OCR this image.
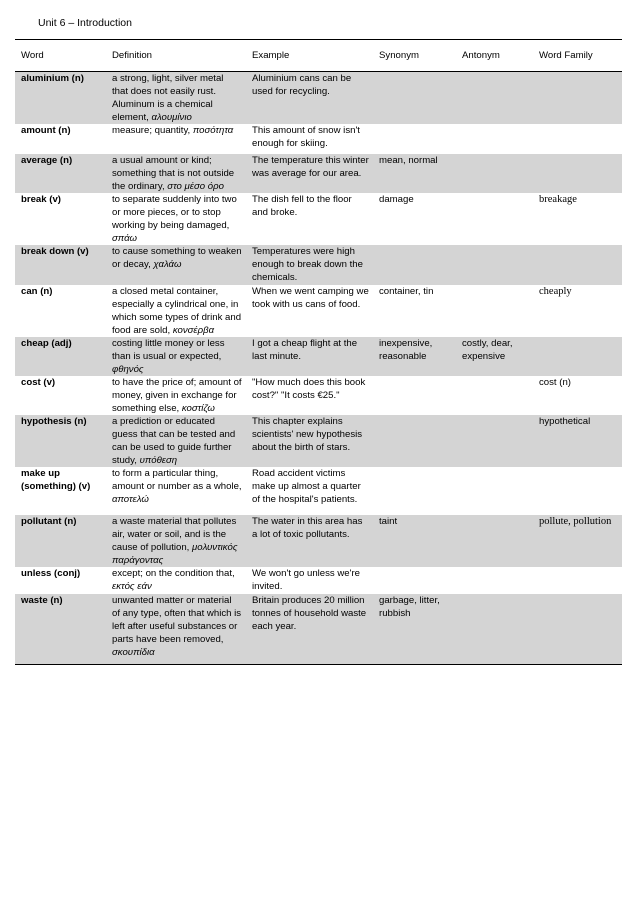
Unit 6 – Introduction
Word	Definition	Example	Synonym	Antonym	Word Family
aluminium (n)	a strong, light, silver metal that does not easily rust. Aluminum is a chemical element, αλουμίνιο	Aluminium cans can be used for recycling.			
amount (n)	measure; quantity, ποσότητα	This amount of snow isn't enough for skiing.			
average (n)	a usual amount or kind; something that is not outside the ordinary, στο μέσο όρο	The temperature this winter was average for our area.	mean, normal		
break (v)	to separate suddenly into two or more pieces, or to stop working by being damaged, σπάω	The dish fell to the floor and broke.	damage		breakage
break down (v)	to cause something to weaken or decay, χαλάω	Temperatures were high enough to break down the chemicals.			
can (n)	a closed metal container, especially a cylindrical one, in which some types of drink and food are sold, κονσέρβα	When we went camping we took with us cans of food.	container, tin		cheaply
cheap (adj)	costing little money or less than is usual or expected, φθηνός	I got a cheap flight at the last minute.	inexpensive, reasonable	costly, dear, expensive	
cost (v)	to have the price of; amount of money, given in exchange for something else, κοστίζω	"How much does this book cost?" "It costs €25."			cost (n)
hypothesis (n)	a prediction or educated guess that can be tested and can be used to guide further study, υπόθεση	This chapter explains scientists' new hypothesis about the birth of stars.			hypothetical
make up (something) (v)	to form a particular thing, amount or number as a whole, αποτελώ	Road accident victims make up almost a quarter of the hospital's patients.			
pollutant (n)	a waste material that pollutes air, water or soil, and is the cause of pollution, μολυντικός παράγοντας	The water in this area has a lot of toxic pollutants.	taint		pollute, pollution
unless (conj)	except; on the condition that, εκτός εάν	We won't go unless we're invited.			
waste (n)	unwanted matter or material of any type, often that which is left after useful substances or parts have been removed, σκουπίδια	Britain produces 20 million tonnes of household waste each year.	garbage, litter, rubbish		
